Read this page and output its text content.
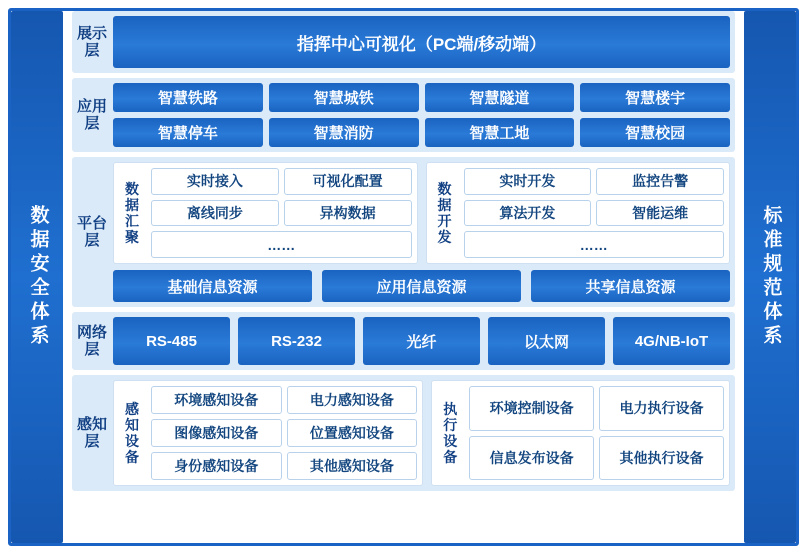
数据安全体系
展示层	指挥中心可视化（PC端/移动端）
应用层
智慧铁路	智慧城铁	智慧隧道	智慧楼宇
智慧停车	智慧消防	智慧工地	智慧校园
平台层
数据汇聚
实时接入	可视化配置
离线同步	异构数据
……
数据开发
实时开发	监控告警
算法开发	智能运维
……
基础信息资源	应用信息资源	共享信息资源
网络层	RS-485	RS-232	光纤	以太网	4G/NB-IoT
感知层
感知设备
环境感知设备	电力感知设备
图像感知设备	位置感知设备
身份感知设备	其他感知设备
执行设备
环境控制设备	电力执行设备
信息发布设备	其他执行设备
标准规范体系
